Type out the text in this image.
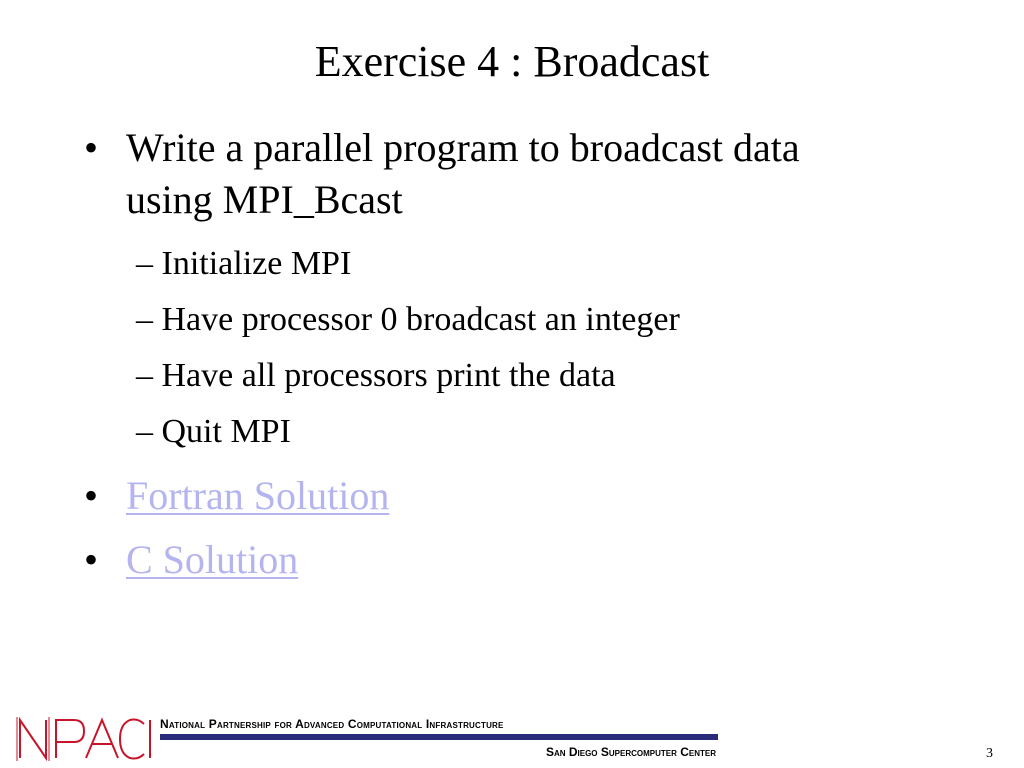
Exercise 4 : Broadcast
• Write a parallel program to broadcast data
using MPI_Bcast
– Initialize MPI
– Have processor 0 broadcast an integer
– Have all processors print the data
– Quit MPI
• Fortran Solution
• C Solution
National Partnership for Advanced Computational Infrastructure
San Diego Supercomputer Center	3
